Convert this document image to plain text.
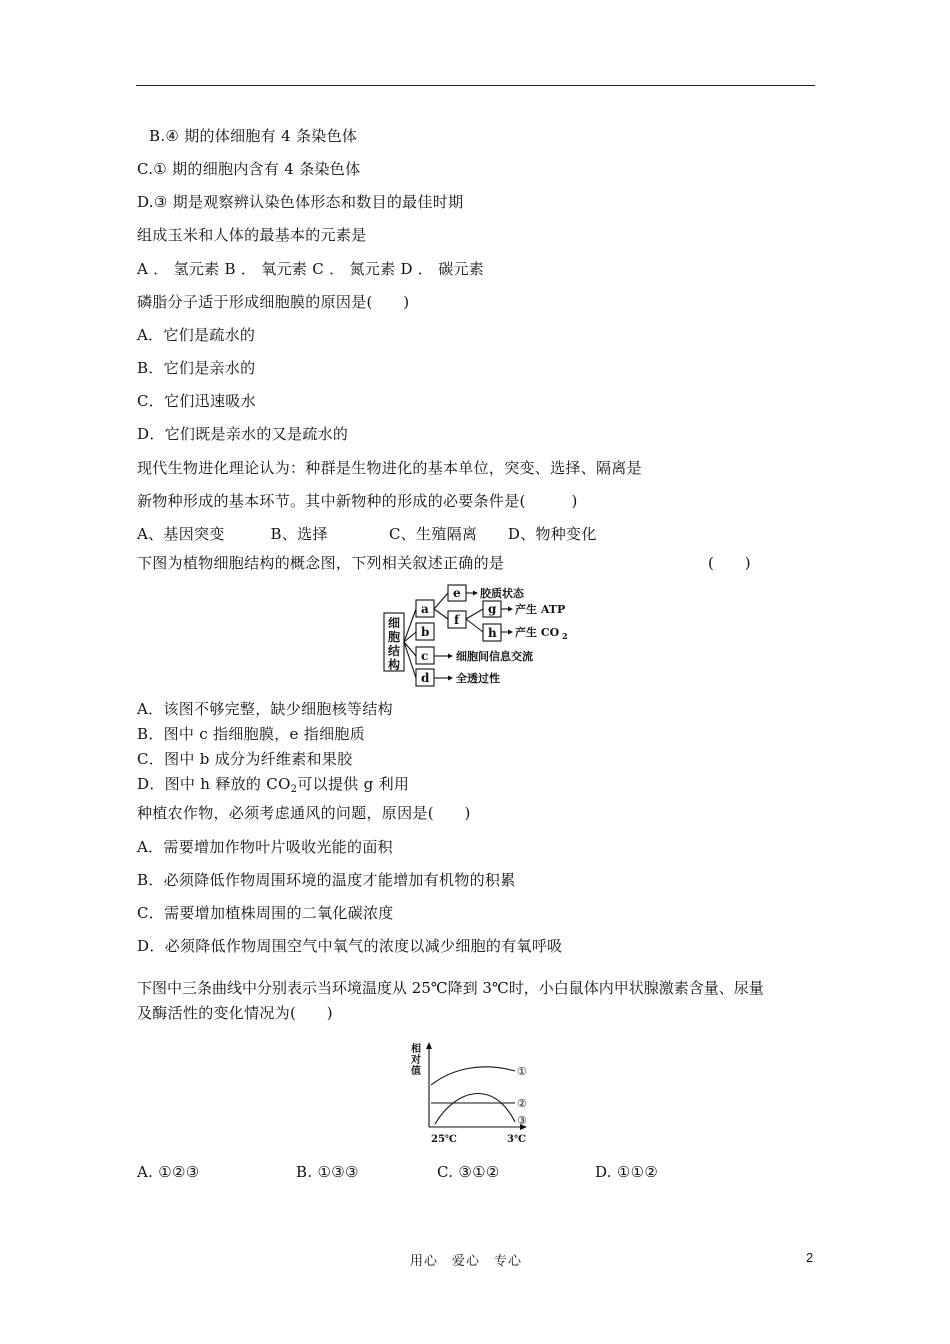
B.④ 期的体细胞有 4 条染色体
C.① 期的细胞内含有 4 条染色体
D.③ 期是观察辨认染色体形态和数目的最佳时期
组成玉米和人体的最基本的元素是
A ． 氢元素 B ． 氧元素 C ． 氮元素 D ． 碳元素
磷脂分子适于形成细胞膜的原因是(　　)
A．它们是疏水的
B．它们是亲水的
C．它们迅速吸水
D．它们既是亲水的又是疏水的
现代生物进化理论认为：种群是生物进化的基本单位，突变、选择、隔离是
新物种形成的基本环节。其中新物种的形成的必要条件是(　　　)
A、基因突变　　　B、选择　　　　C、生殖隔离　　D、物种变化
下图为植物细胞结构的概念图，下列相关叙述正确的是	(　　)
细
胞
结
构
a
b
c
d
e
f
g
h
胶质状态
产生 ATP
产生 CO 2
细胞间信息交流
全透过性
A．该图不够完整，缺少细胞核等结构
B．图中 c 指细胞膜，e 指细胞质
C．图中 b 成分为纤维素和果胶
D．图中 h 释放的 $CO_2$可以提供 g 利用
种植农作物，必须考虑通风的问题，原因是(　　)
A．需要增加作物叶片吸收光能的面积
B．必须降低作物周围环境的温度才能增加有机物的积累
C．需要增加植株周围的二氧化碳浓度
D．必须降低作物周围空气中氧气的浓度以减少细胞的有氧呼吸
下图中三条曲线中分别表示当环境温度从 25℃降到 3℃时，小白鼠体内甲状腺激素含量、尿量
及酶活性的变化情况为(　　)
相
对
值	①
②
③
25℃	3℃
A. ①②③	B. ①③③	C. ③①②	D. ①①②
用心　爱心　专心	2
